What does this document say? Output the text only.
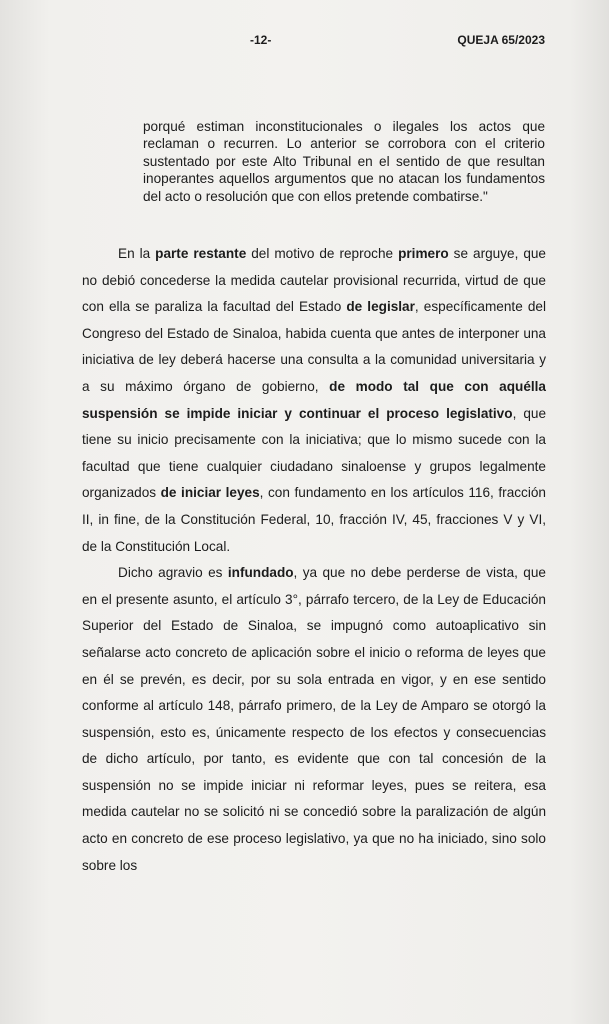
-12-	QUEJA 65/2023
porqué estiman inconstitucionales o ilegales los actos que reclaman o recurren. Lo anterior se corrobora con el criterio sustentado por este Alto Tribunal en el sentido de que resultan inoperantes aquellos argumentos que no atacan los fundamentos del acto o resolución que con ellos pretende combatirse."

En la parte restante del motivo de reproche primero se arguye, que no debió concederse la medida cautelar provisional recurrida, virtud de que con ella se paraliza la facultad del Estado de legislar, específicamente del Congreso del Estado de Sinaloa, habida cuenta que antes de interponer una iniciativa de ley deberá hacerse una consulta a la comunidad universitaria y a su máximo órgano de gobierno, de modo tal que con aquélla suspensión se impide iniciar y continuar el proceso legislativo, que tiene su inicio precisamente con la iniciativa; que lo mismo sucede con la facultad que tiene cualquier ciudadano sinaloense y grupos legalmente organizados de iniciar leyes, con fundamento en los artículos 116, fracción II, in fine, de la Constitución Federal, 10, fracción IV, 45, fracciones V y VI, de la Constitución Local.

Dicho agravio es infundado, ya que no debe perderse de vista, que en el presente asunto, el artículo 3°, párrafo tercero, de la Ley de Educación Superior del Estado de Sinaloa, se impugnó como autoaplicativo sin señalarse acto concreto de aplicación sobre el inicio o reforma de leyes que en él se prevén, es decir, por su sola entrada en vigor, y en ese sentido conforme al artículo 148, párrafo primero, de la Ley de Amparo se otorgó la suspensión, esto es, únicamente respecto de los efectos y consecuencias de dicho artículo, por tanto, es evidente que con tal concesión de la suspensión no se impide iniciar ni reformar leyes, pues se reitera, esa medida cautelar no se solicitó ni se concedió sobre la paralización de algún acto en concreto de ese proceso legislativo, ya que no ha iniciado, sino solo sobre los
